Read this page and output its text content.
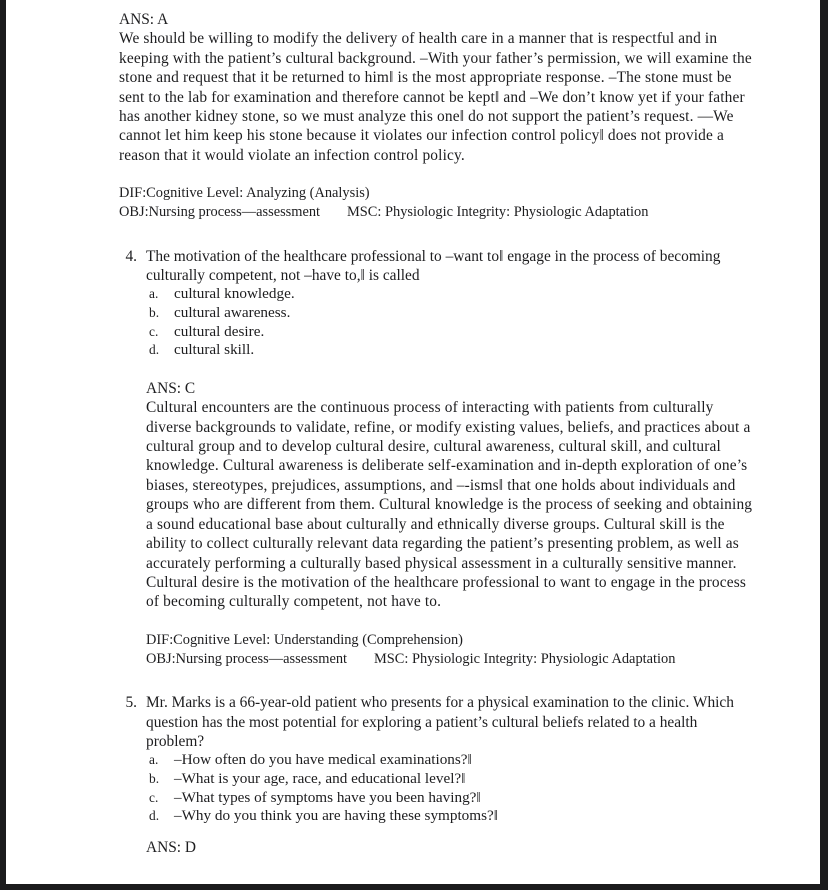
ANS: A

We should be willing to modify the delivery of health care in a manner that is respectful and in keeping with the patient’s cultural background. ‒With your father’s permission, we will examine the stone and request that it be returned to him‖ is the most appropriate response. ‒The stone must be sent to the lab for examination and therefore cannot be kept‖ and ‒We don’t know yet if your father has another kidney stone, so we must analyze this one‖ do not support the patient’s request. —We cannot let him keep his stone because it violates our infection control policy‖ does not provide a reason that it would violate an infection control policy.

DIF:Cognitive Level: Analyzing (Analysis)
OBJ:Nursing process—assessment	MSC: Physiologic Integrity: Physiologic Adaptation
4. The motivation of the healthcare professional to ‒want to‖ engage in the process of becoming culturally competent, not ‒have to,‖ is called

a.	cultural knowledge.
b. cultural awareness.
c.	cultural desire.
d. cultural skill.

ANS: C

Cultural encounters are the continuous process of interacting with patients from culturally diverse backgrounds to validate, refine, or modify existing values, beliefs, and practices about a cultural group and to develop cultural desire, cultural awareness, cultural skill, and cultural knowledge. Cultural awareness is deliberate self-examination and in-depth exploration of one’s biases, stereotypes, prejudices, assumptions, and ‒-isms‖ that one holds about individuals and groups who are different from them. Cultural knowledge is the process of seeking and obtaining a sound educational base about culturally and ethnically diverse groups. Cultural skill is the ability to collect culturally relevant data regarding the patient’s presenting problem, as well as accurately performing a culturally based physical assessment in a culturally sensitive manner. Cultural desire is the motivation of the healthcare professional to want to engage in the process of becoming culturally competent, not have to.

DIF:Cognitive Level: Understanding (Comprehension)
OBJ:Nursing process—assessment	MSC: Physiologic Integrity: Physiologic Adaptation
5. Mr. Marks is a 66-year-old patient who presents for a physical examination to the clinic. Which question has the most potential for exploring a patient’s cultural beliefs related to a health problem?

a.	‒How often do you have medical examinations?‖
b. ‒What is your age, race, and educational level?‖
c.	‒What types of symptoms have you been having?‖
d. ‒Why do you think you are having these symptoms?‖

ANS: D
